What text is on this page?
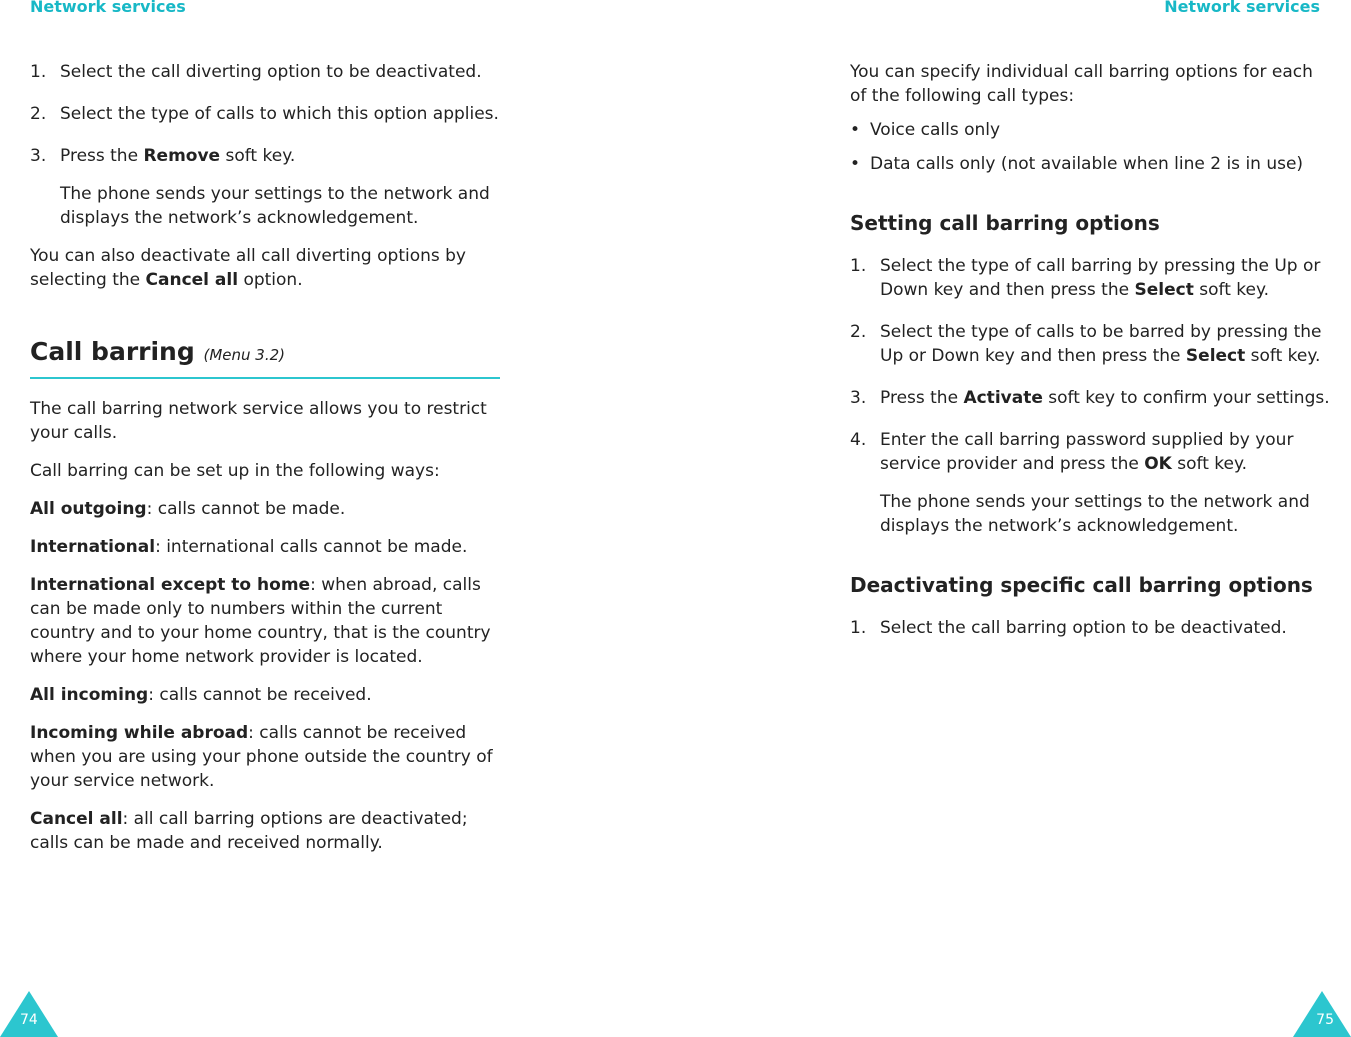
Network services	Network services

1. Select the call diverting option to be deactivated.

2. Select the type of calls to which this option applies.

3. Press the Remove soft key.

The phone sends your settings to the network and displays the network’s acknowledgement.

You can also deactivate all call diverting options by selecting the Cancel all option.

Call barring (Menu 3.2)

The call barring network service allows you to restrict your calls.

Call barring can be set up in the following ways:

All outgoing: calls cannot be made.

International: international calls cannot be made.

International except to home: when abroad, calls can be made only to numbers within the current country and to your home country, that is the country where your home network provider is located.

All incoming: calls cannot be received.

Incoming while abroad: calls cannot be received when you are using your phone outside the country of your service network.

Cancel all: all call barring options are deactivated; calls can be made and received normally.

You can specify individual call barring options for each of the following call types:

• Voice calls only

• Data calls only (not available when line 2 is in use)

Setting call barring options

1. Select the type of call barring by pressing the Up or Down key and then press the Select soft key.

2. Select the type of calls to be barred by pressing the Up or Down key and then press the Select soft key.

3. Press the Activate soft key to confirm your settings.

4. Enter the call barring password supplied by your service provider and press the OK soft key.

The phone sends your settings to the network and displays the network’s acknowledgement.

Deactivating specific call barring options

1. Select the call barring option to be deactivated.

74	75
